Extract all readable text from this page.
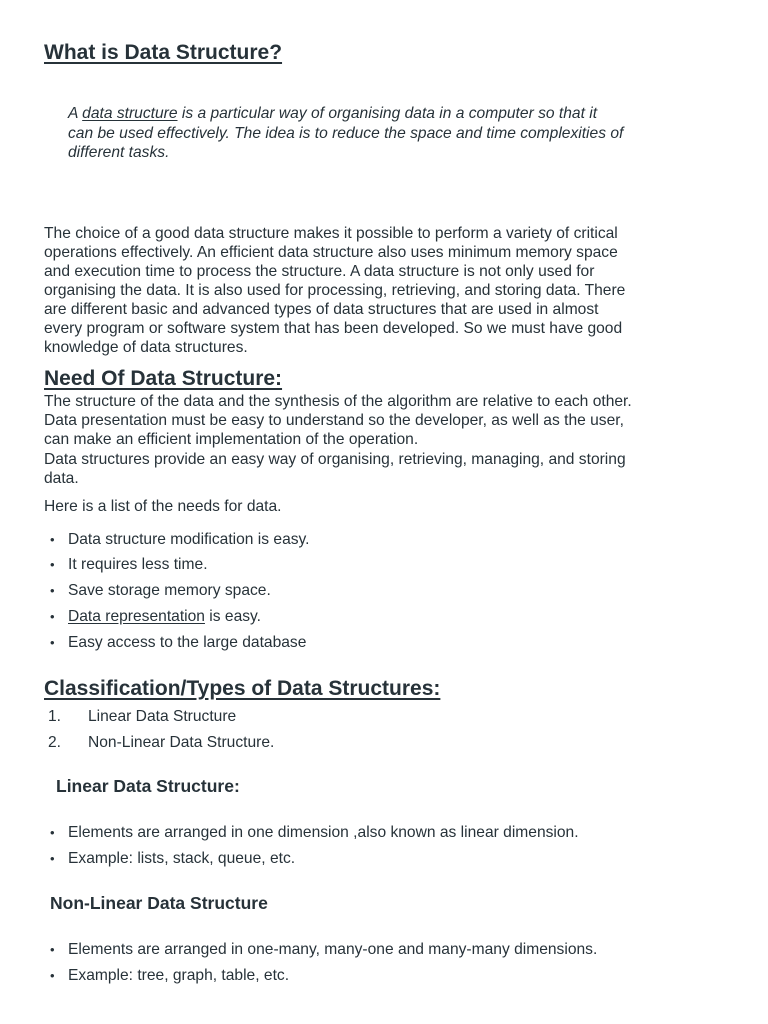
What is Data Structure?
A data structure is a particular way of organising data in a computer so that it
can be used effectively. The idea is to reduce the space and time complexities of
different tasks.
The choice of a good data structure makes it possible to perform a variety of critical
operations effectively. An efficient data structure also uses minimum memory space
and execution time to process the structure. A data structure is not only used for
organising the data. It is also used for processing, retrieving, and storing data. There
are different basic and advanced types of data structures that are used in almost
every program or software system that has been developed. So we must have good
knowledge of data structures.
Need Of Data Structure:
The structure of the data and the synthesis of the algorithm are relative to each other.
Data presentation must be easy to understand so the developer, as well as the user,
can make an efficient implementation of the operation.
Data structures provide an easy way of organising, retrieving, managing, and storing
data.
Here is a list of the needs for data.
• Data structure modification is easy.
• It requires less time.
• Save storage memory space.
• Data representation is easy.
• Easy access to the large database
Classification/Types of Data Structures:
1. Linear Data Structure
2. Non-Linear Data Structure.
Linear Data Structure:
• Elements are arranged in one dimension ,also known as linear dimension.
• Example: lists, stack, queue, etc.
Non-Linear Data Structure
• Elements are arranged in one-many, many-one and many-many dimensions.
• Example: tree, graph, table, etc.
